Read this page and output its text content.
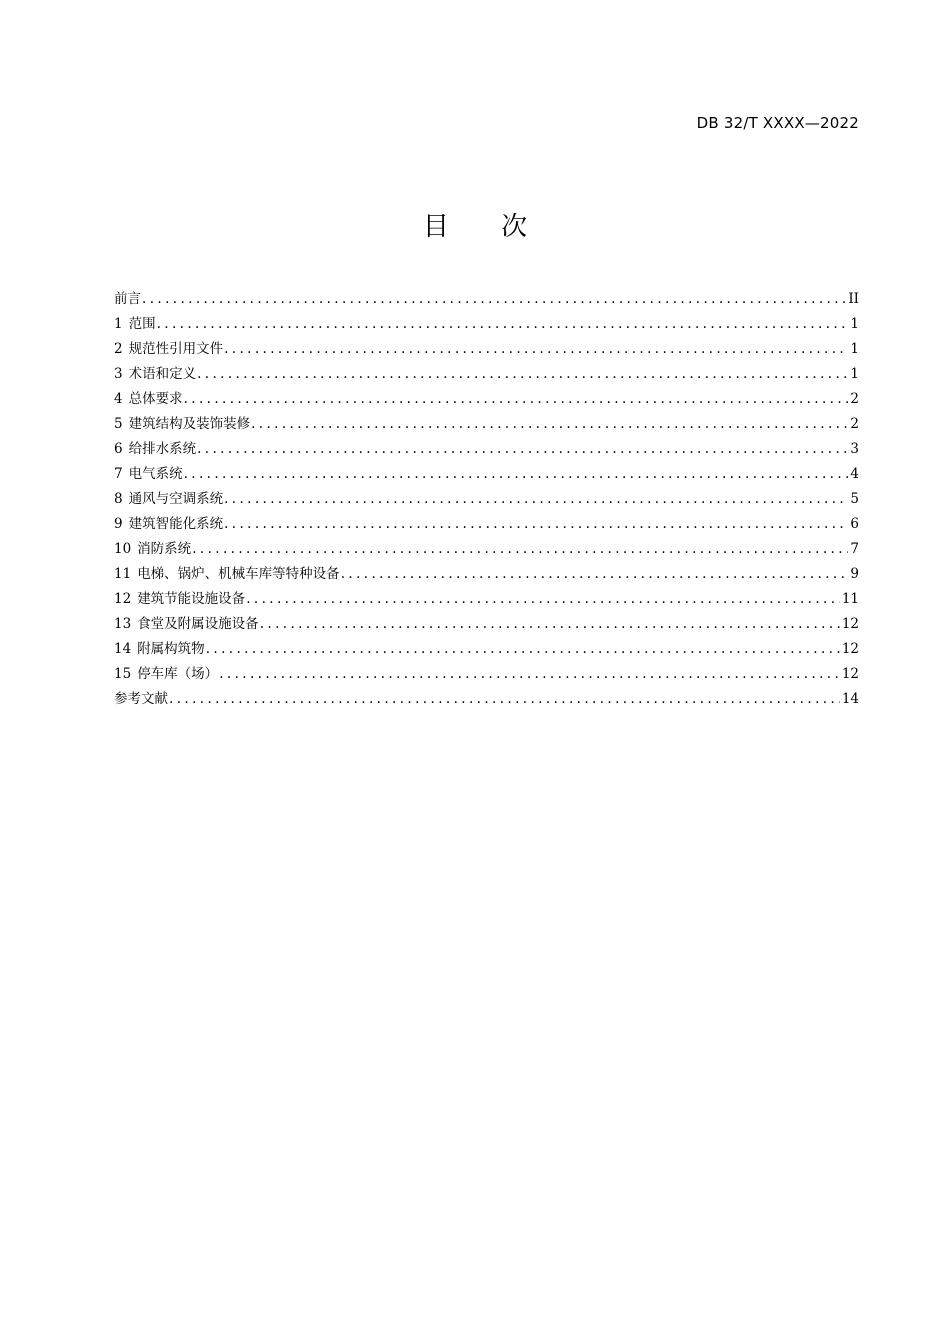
DB 32/T XXXX—2022
目 次
前言 .....	II
1 范围 .....	1
2 规范性引用文件 .....	1
3 术语和定义 .....	1
4 总体要求 .....	2
5 建筑结构及装饰装修 .....	2
6 给排水系统 .....	3
7 电气系统 .....	4
8 通风与空调系统 .....	5
9 建筑智能化系统 .....	6
10 消防系统 .....	7
11 电梯、锅炉、机械车库等特种设备 .....	9
12 建筑节能设施设备 .....	11
13 食堂及附属设施设备 .....	12
14 附属构筑物 .....	12
15 停车库（场） .....	12
参考文献 .....	14
